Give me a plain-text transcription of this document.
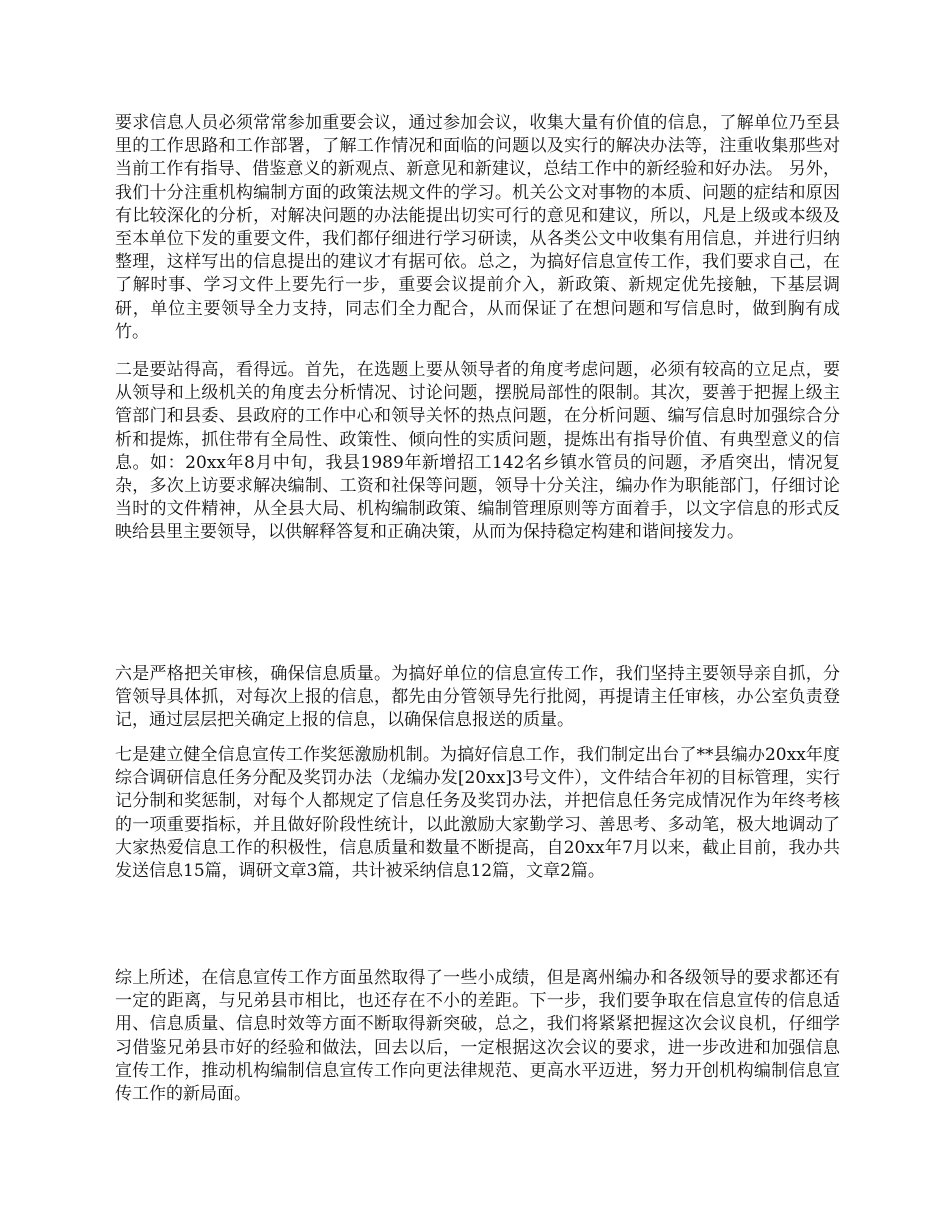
要求信息人员必须常常参加重要会议，通过参加会议，收集大量有价值的信息，了解单位乃至县里的工作思路和工作部署，了解工作情况和面临的问题以及实行的解决办法等，注重收集那些对当前工作有指导、借鉴意义的新观点、新意见和新建议，总结工作中的新经验和好办法。 另外，我们十分注重机构编制方面的政策法规文件的学习。机关公文对事物的本质、问题的症结和原因有比较深化的分析，对解决问题的办法能提出切实可行的意见和建议，所以，凡是上级或本级及至本单位下发的重要文件，我们都仔细进行学习研读，从各类公文中收集有用信息，并进行归纳整理，这样写出的信息提出的建议才有据可依。总之，为搞好信息宣传工作，我们要求自己，在了解时事、学习文件上要先行一步，重要会议提前介入，新政策、新规定优先接触，下基层调研，单位主要领导全力支持，同志们全力配合，从而保证了在想问题和写信息时，做到胸有成竹。

二是要站得高，看得远。首先，在选题上要从领导者的角度考虑问题，必须有较高的立足点，要从领导和上级机关的角度去分析情况、讨论问题，摆脱局部性的限制。其次，要善于把握上级主管部门和县委、县政府的工作中心和领导关怀的热点问题，在分析问题、编写信息时加强综合分析和提炼，抓住带有全局性、政策性、倾向性的实质问题，提炼出有指导价值、有典型意义的信息。如：20xx年8月中旬，我县1989年新增招工142名乡镇水管员的问题，矛盾突出，情况复杂，多次上访要求解决编制、工资和社保等问题，领导十分关注，编办作为职能部门，仔细讨论当时的文件精神，从全县大局、机构编制政策、编制管理原则等方面着手，以文字信息的形式反映给县里主要领导，以供解释答复和正确决策，从而为保持稳定构建和谐间接发力。

六是严格把关审核，确保信息质量。为搞好单位的信息宣传工作，我们坚持主要领导亲自抓，分管领导具体抓，对每次上报的信息，都先由分管领导先行批阅，再提请主任审核，办公室负责登记，通过层层把关确定上报的信息，以确保信息报送的质量。

七是建立健全信息宣传工作奖惩激励机制。为搞好信息工作，我们制定出台了**县编办20xx年度综合调研信息任务分配及奖罚办法（龙编办发[20xx]3号文件），文件结合年初的目标管理，实行记分制和奖惩制，对每个人都规定了信息任务及奖罚办法，并把信息任务完成情况作为年终考核的一项重要指标，并且做好阶段性统计，以此激励大家勤学习、善思考、多动笔，极大地调动了大家热爱信息工作的积极性，信息质量和数量不断提高，自20xx年7月以来，截止目前，我办共发送信息15篇，调研文章3篇，共计被采纳信息12篇，文章2篇。

综上所述，在信息宣传工作方面虽然取得了一些小成绩，但是离州编办和各级领导的要求都还有一定的距离，与兄弟县市相比，也还存在不小的差距。下一步，我们要争取在信息宣传的信息适用、信息质量、信息时效等方面不断取得新突破，总之，我们将紧紧把握这次会议良机，仔细学习借鉴兄弟县市好的经验和做法，回去以后，一定根据这次会议的要求，进一步改进和加强信息宣传工作，推动机构编制信息宣传工作向更法律规范、更高水平迈进，努力开创机构编制信息宣传工作的新局面。
